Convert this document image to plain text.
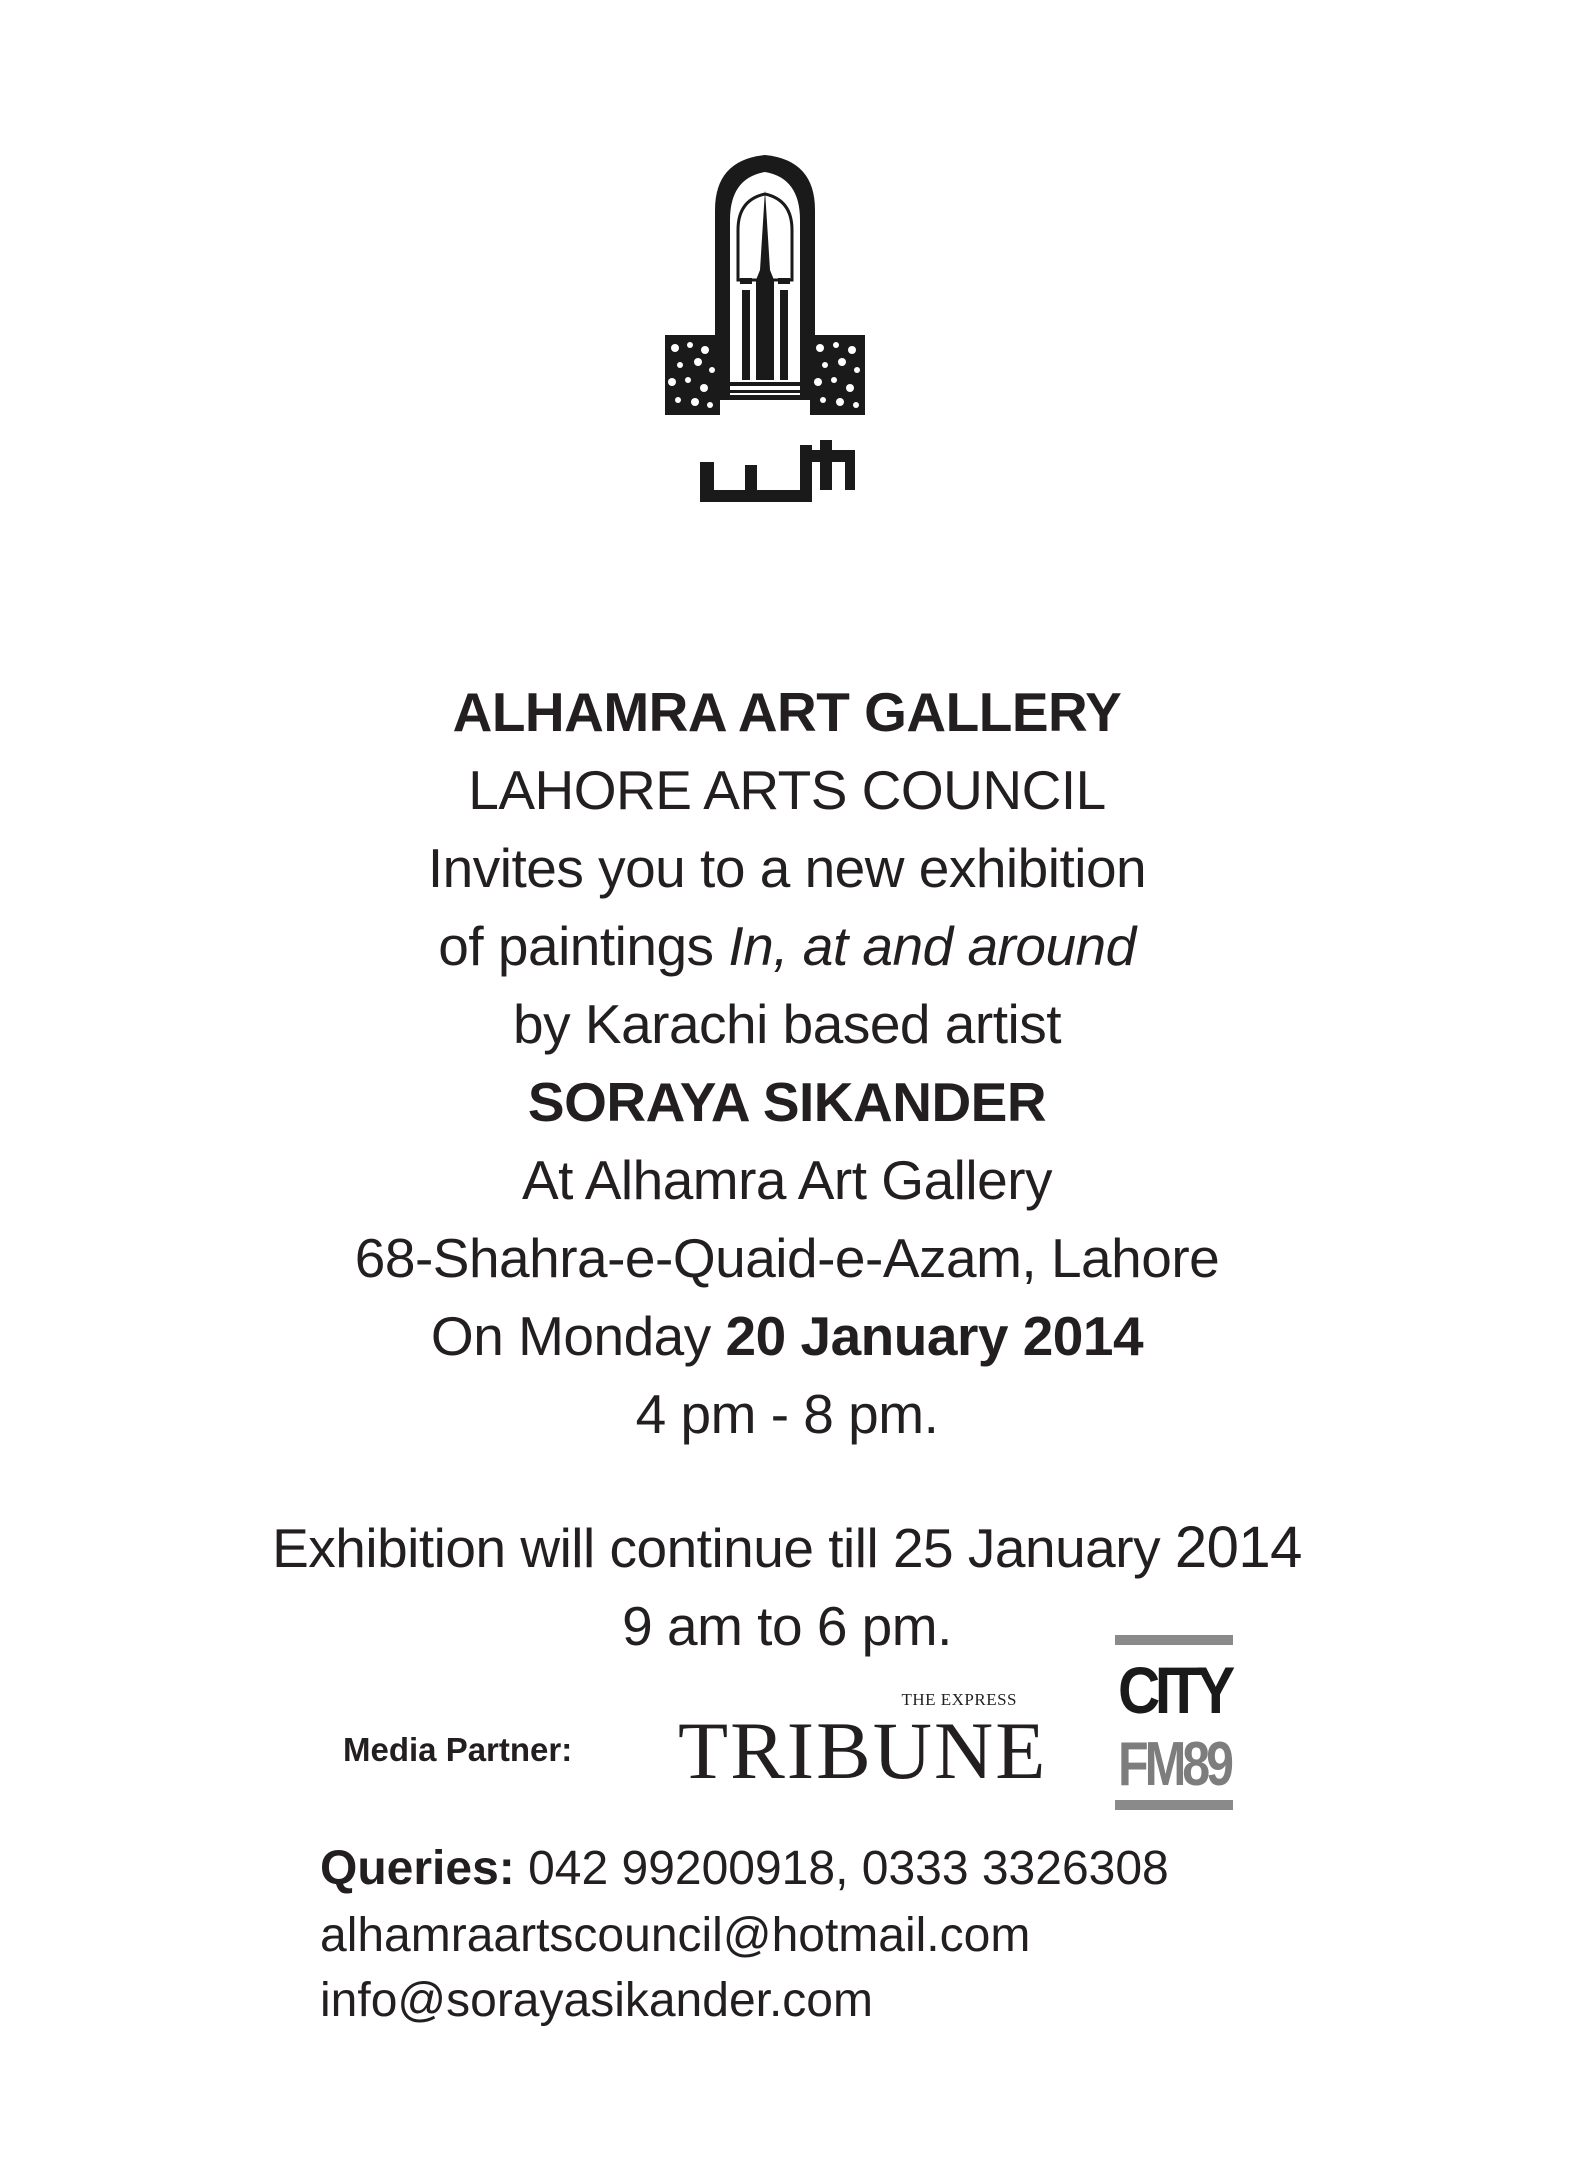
ALHAMRA ART GALLERY
LAHORE ARTS COUNCIL
Invites you to a new exhibition
of paintings In, at and around
by Karachi based artist
SORAYA SIKANDER
At Alhamra Art Gallery
68-Shahra-e-Quaid-e-Azam, Lahore
On Monday 20 January 2014
4 pm - 8 pm.
Exhibition will continue till 25 January 2014
9 am to 6 pm.
Media Partner:
THE EXPRESS
TRIBUNE
CITY
FM89
Queries: 042 99200918, 0333 3326308
alhamraartscouncil@hotmail.com
info@sorayasikander.com
